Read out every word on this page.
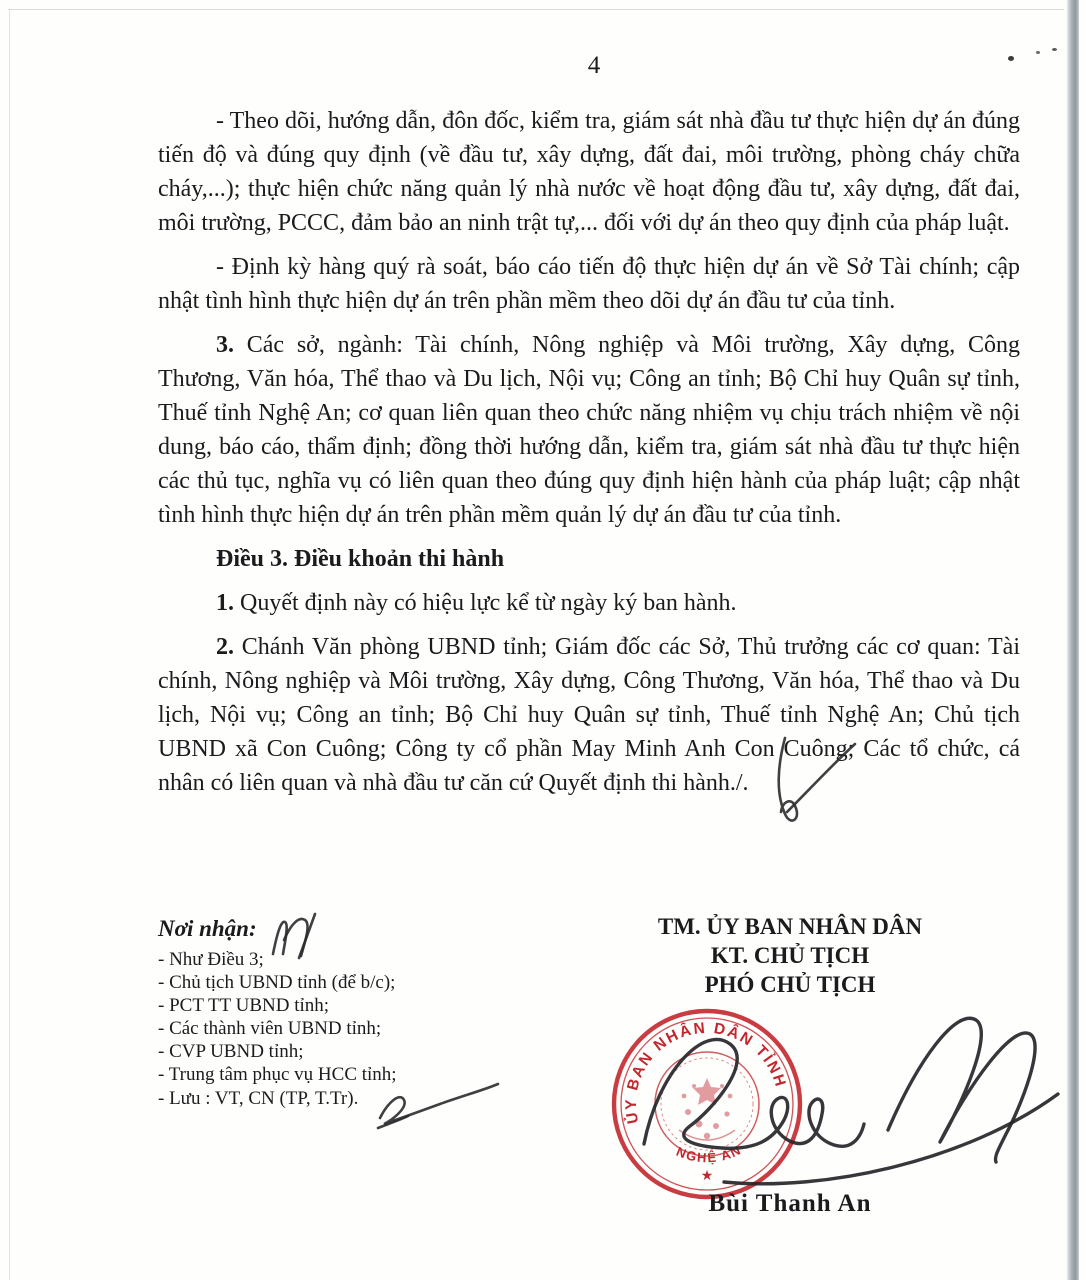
4

- Theo dõi, hướng dẫn, đôn đốc, kiểm tra, giám sát nhà đầu tư thực hiện dự án đúng tiến độ và đúng quy định (về đầu tư, xây dựng, đất đai, môi trường, phòng cháy chữa cháy,...); thực hiện chức năng quản lý nhà nước về hoạt động đầu tư, xây dựng, đất đai, môi trường, PCCC, đảm bảo an ninh trật tự,... đối với dự án theo quy định của pháp luật.

- Định kỳ hàng quý rà soát, báo cáo tiến độ thực hiện dự án về Sở Tài chính; cập nhật tình hình thực hiện dự án trên phần mềm theo dõi dự án đầu tư của tỉnh.

3. Các sở, ngành: Tài chính, Nông nghiệp và Môi trường, Xây dựng, Công Thương, Văn hóa, Thể thao và Du lịch, Nội vụ; Công an tỉnh; Bộ Chỉ huy Quân sự tỉnh, Thuế tỉnh Nghệ An; cơ quan liên quan theo chức năng nhiệm vụ chịu trách nhiệm về nội dung, báo cáo, thẩm định; đồng thời hướng dẫn, kiểm tra, giám sát nhà đầu tư thực hiện các thủ tục, nghĩa vụ có liên quan theo đúng quy định hiện hành của pháp luật; cập nhật tình hình thực hiện dự án trên phần mềm quản lý dự án đầu tư của tỉnh.

Điều 3. Điều khoản thi hành

1. Quyết định này có hiệu lực kể từ ngày ký ban hành.

2. Chánh Văn phòng UBND tỉnh; Giám đốc các Sở, Thủ trưởng các cơ quan: Tài chính, Nông nghiệp và Môi trường, Xây dựng, Công Thương, Văn hóa, Thể thao và Du lịch, Nội vụ; Công an tỉnh; Bộ Chỉ huy Quân sự tỉnh, Thuế tỉnh Nghệ An; Chủ tịch UBND xã Con Cuông; Công ty cổ phần May Minh Anh Con Cuông; Các tổ chức, cá nhân có liên quan và nhà đầu tư căn cứ Quyết định thi hành./.

Nơi nhận:
- Như Điều 3;
- Chủ tịch UBND tỉnh (để b/c);
- PCT TT UBND tỉnh;
- Các thành viên UBND tỉnh;
- CVP UBND tỉnh;
- Trung tâm phục vụ HCC tỉnh;
- Lưu : VT, CN (TP, T.Tr).
TM. ỦY BAN NHÂN DÂN
KT. CHỦ TỊCH
PHÓ CHỦ TỊCH
ỦY BAN NHÂN DÂN TỈNH
NGHỆ AN
★
Bùi Thanh An
